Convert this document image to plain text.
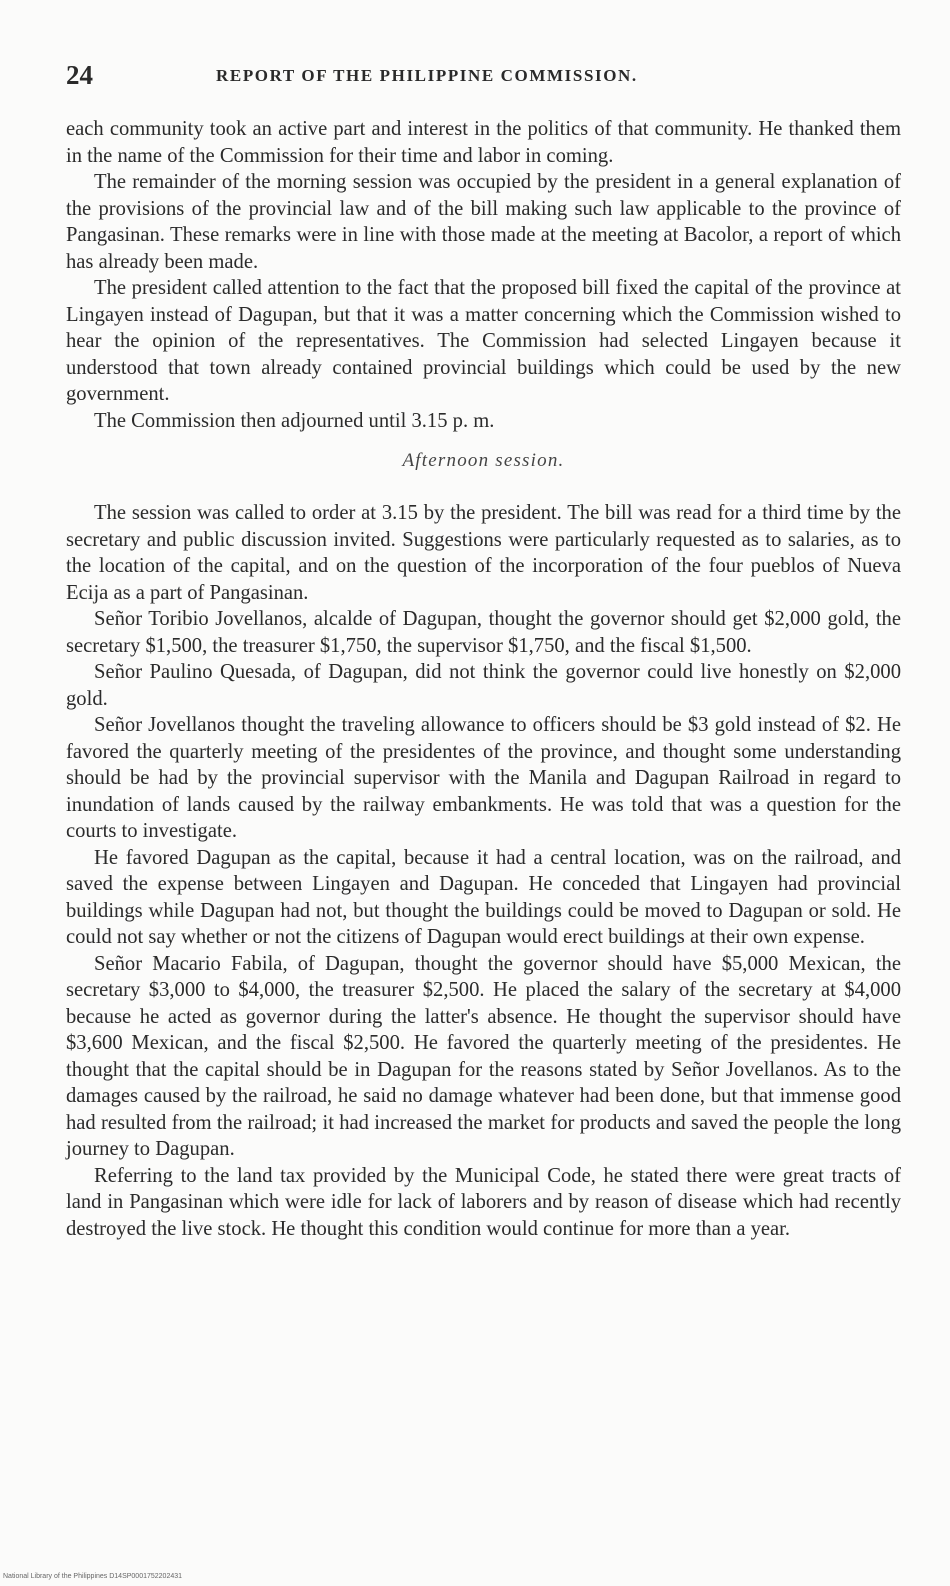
24	REPORT OF THE PHILIPPINE COMMISSION.

each community took an active part and interest in the politics of that community. He thanked them in the name of the Commission for their time and labor in coming.

The remainder of the morning session was occupied by the president in a general explanation of the provisions of the provincial law and of the bill making such law applicable to the province of Pangasinan. These remarks were in line with those made at the meeting at Bacolor, a report of which has already been made.

The president called attention to the fact that the proposed bill fixed the capital of the province at Lingayen instead of Dagupan, but that it was a matter concerning which the Commission wished to hear the opinion of the representatives. The Commission had selected Lingayen because it understood that town already contained provincial buildings which could be used by the new government.

The Commission then adjourned until 3.15 p. m.

Afternoon session.

The session was called to order at 3.15 by the president. The bill was read for a third time by the secretary and public discussion invited. Suggestions were particularly requested as to salaries, as to the location of the capital, and on the question of the incorporation of the four pueblos of Nueva Ecija as a part of Pangasinan.

Señor Toribio Jovellanos, alcalde of Dagupan, thought the governor should get $2,000 gold, the secretary $1,500, the treasurer $1,750, the supervisor $1,750, and the fiscal $1,500.

Señor Paulino Quesada, of Dagupan, did not think the governor could live honestly on $2,000 gold.

Señor Jovellanos thought the traveling allowance to officers should be $3 gold instead of $2. He favored the quarterly meeting of the presidentes of the province, and thought some understanding should be had by the provincial supervisor with the Manila and Dagupan Railroad in regard to inundation of lands caused by the railway embankments. He was told that was a question for the courts to investigate.

He favored Dagupan as the capital, because it had a central location, was on the railroad, and saved the expense between Lingayen and Dagupan. He conceded that Lingayen had provincial buildings while Dagupan had not, but thought the buildings could be moved to Dagupan or sold. He could not say whether or not the citizens of Dagupan would erect buildings at their own expense.

Señor Macario Fabila, of Dagupan, thought the governor should have $5,000 Mexican, the secretary $3,000 to $4,000, the treasurer $2,500. He placed the salary of the secretary at $4,000 because he acted as governor during the latter's absence. He thought the supervisor should have $3,600 Mexican, and the fiscal $2,500. He favored the quarterly meeting of the presidentes. He thought that the capital should be in Dagupan for the reasons stated by Señor Jovellanos. As to the damages caused by the railroad, he said no damage whatever had been done, but that immense good had resulted from the railroad; it had increased the market for products and saved the people the long journey to Dagupan.

Referring to the land tax provided by the Municipal Code, he stated there were great tracts of land in Pangasinan which were idle for lack of laborers and by reason of disease which had recently destroyed the live stock. He thought this condition would continue for more than a year.

National Library of the Philippines D14SP0001752202431
